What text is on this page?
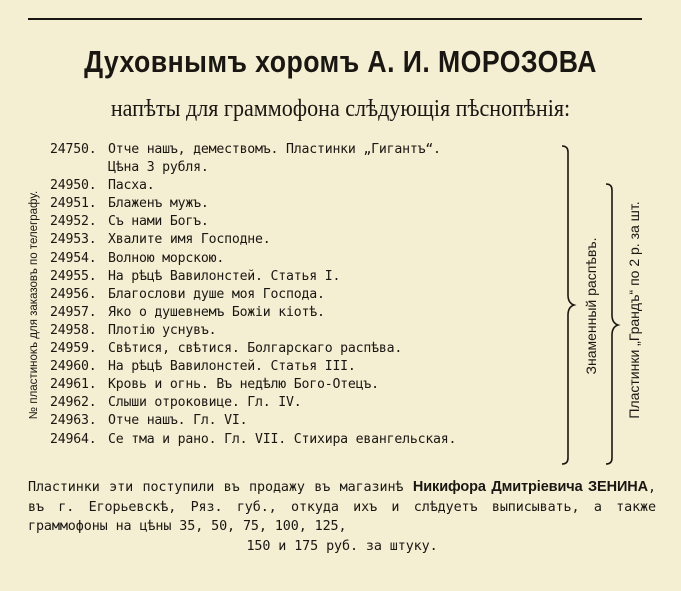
Духовнымъ хоромъ А. И. МОРОЗОВА
напѣты для граммофона слѣдующія пѣснопѣнія:
№ пластинокъ для заказовъ по телеграфу.
24750. Отче нашъ, демествомъ. Пластинки „Гигантъ“.
Цѣна 3 рубля.
24950. Пасха.
24951. Блаженъ мужъ.
24952. Съ нами Богъ.
24953. Хвалите имя Господне.
24954. Волною морскою.
24955. На рѣцѣ Вавилонстей. Статья I.
24956. Благослови душе моя Господа.
24957. Яко о душевнемъ Божiи кiотѣ.
24958. Плотiю уснувъ.
24959. Свѣтися, свѣтися. Болгарскаго распѣва.
24960. На рѣцѣ Вавилонстей. Статья III.
24961. Кровь и огнь. Въ недѣлю Бого-Отецъ.
24962. Слыши отроковице. Гл. IV.
24963. Отче нашъ. Гл. VI.
24964. Се тма и рано. Гл. VII. Стихира евангельская.
Знаменный распѣвъ. Пластинки „Грандъ“ по 2 р. за шт.
Пластинки эти поступили въ продажу въ магазинѣ Никифора Дмитрiевича ЗЕНИНА, въ г. Егорьевскѣ, Ряз. губ., откуда ихъ и слѣдуетъ выписывать, а также граммофоны на цѣны 35, 50, 75, 100, 125,
150 и 175 руб. за штуку.
